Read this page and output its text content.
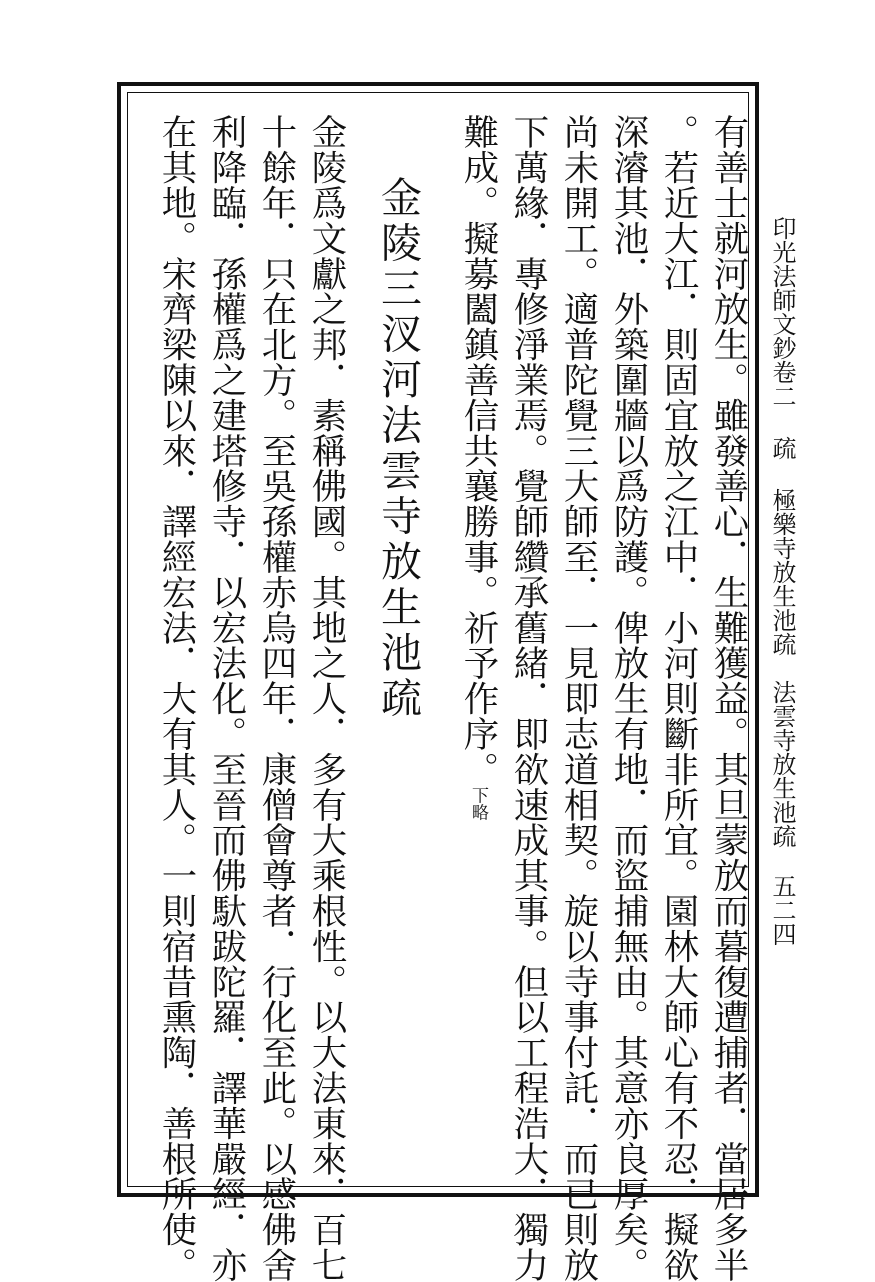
印光法師文鈔卷二疏極樂寺放生池疏　法雲寺放生池疏
五二四
有善士就河放生。雖發善心．生難獲益。其旦蒙放而暮復遭捕者．當居多半
。若近大江．則固宜放之江中．小河則斷非所宜。園林大師心有不忍．擬欲
深濬其池．外築圍牆以爲防護。俾放生有地．而盜捕無由。其意亦良厚矣。
尚未開工。適普陀覺三大師至．一見即志道相契。旋以寺事付託．而已則放
下萬緣．專修淨業焉。覺師纘承舊緒．即欲速成其事。但以工程浩大．獨力
難成。擬募闔鎮善信共襄勝事。祈予作序。下略
金陵三汊河法雲寺放生池疏
金陵爲文獻之邦．素稱佛國。其地之人．多有大乘根性。以大法東來．百七
十餘年．只在北方。至吳孫權赤烏四年．康僧會尊者．行化至此。以感佛舍
利降臨．孫權爲之建塔修寺．以宏法化。至晉而佛馱跋陀羅．譯華嚴經．亦
在其地。宋齊梁陳以來．譯經宏法．大有其人。一則宿昔熏陶．善根所使。
